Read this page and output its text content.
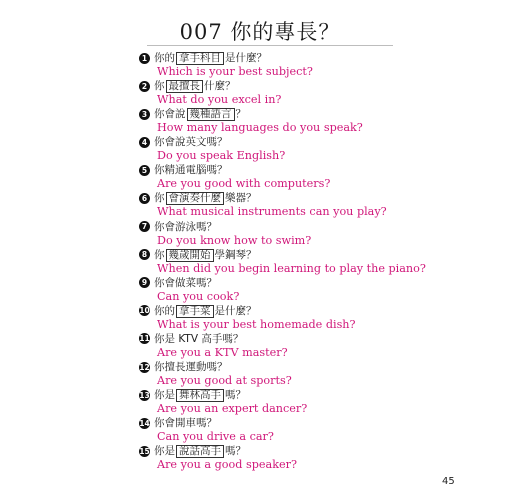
007 你的專長？
1 你的 拿手科目 是什麼？
Which is your best subject?
2 你 最擅長 什麼？
What do you excel in?
3 你會說 幾種語言 ？
How many languages do you speak?
4 你會說英文嗎？
Do you speak English?
5 你精通電腦嗎？
Are you good with computers?
6 你 會演奏什麼 樂器？
What musical instruments can you play?
7 你會游泳嗎？
Do you know how to swim?
8 你 幾歲開始 學鋼琴？
When did you begin learning to play the piano?
9 你會做菜嗎？
Can you cook?
10 你的 拿手菜 是什麼？
What is your best homemade dish?
11 你是 KTV 高手嗎？
Are you a KTV master?
12 你擅長運動嗎？
Are you good at sports?
13 你是 舞林高手 嗎？
Are you an expert dancer?
14 你會開車嗎？
Can you drive a car?
15 你是 說話高手 嗎？
Are you a good speaker?
45
